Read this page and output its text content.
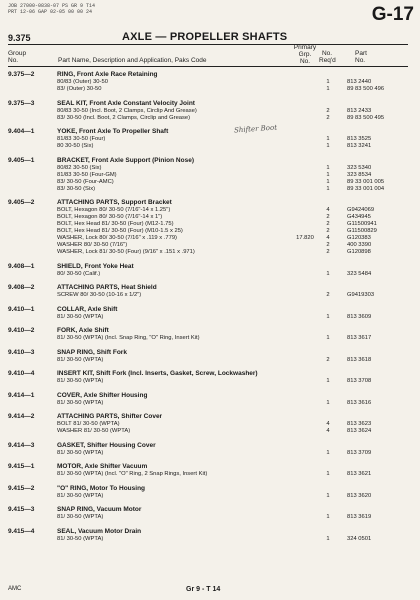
JOB 27000-0838-07 PS GR 9 T14
PRT 12-06 GAP 02-05 00 00 24	G-17
9.375	AXLE — PROPELLER SHAFTS
Group
No.	Part Name, Description and Application, Paks Code
Primary
Grp.
No.
No.
Req'd
Part
No.
9.375—2	RING, Front Axle Race Retaining
80/83 (Outer) 30-50	1	813 2440
83/ (Outer) 30-50	1	89 83 500 496
9.375—3	SEAL KIT, Front Axle Constant Velocity Joint
80/83 30-50 (Incl. Boot, 2 Clamps, Circlip And Grease)	2	813 2433
83/ 30-50 (Incl. Boot, 2 Clamps, Circlip and Grease)	2	89 83 500 495
9.404—1	YOKE, Front Axle To Propeller Shaft
81/83 30-50 (Four)	1	813 3525
80 30-50 (Six)	1	813 3241
9.405—1	BRACKET, Front Axle Support (Pinion Nose)
80/82 30-50 (Six)	1	323 5340
81/83 30-50 (Four-GM)	1	323 8534
83/ 30-50 (Four-AMC)	1	89 33 001 005
83/ 30-50 (Six)	1	89 33 001 004
9.405—2	ATTACHING PARTS, Support Bracket
BOLT, Hexagon 80/ 30-50 (7/16"-14 x 1.25")	4	G9424069
BOLT, Hexagon 80/ 30-50 (7/16"-14 x 1")	2	G434945
BOLT, Hex Head 81/ 30-50 (Four) (M12-1.75)	2	G11500941
BOLT, Hex Head 81/ 30-50 (Four) (M10-1.5 x 25)	2	G11500829
WASHER, Lock 80/ 30-50 (7/16" x .119 x .779)	17.820	4	G120383
WASHER 80/ 30-50 (7/16")	2	400 3390
WASHER, Lock 81/ 30-50 (Four) (9/16" x .151 x .971)	2	G120898
9.408—1	SHIELD, Front Yoke Heat
80/ 30-50 (Calif.)	1	323 5484
9.408—2	ATTACHING PARTS, Heat Shield
SCREW 80/ 30-50 (10-16 x 1/2")	2	G9419303
9.410—1	COLLAR, Axle Shift
81/ 30-50 (WPTA)	1	813 3609
9.410—2	FORK, Axle Shift
81/ 30-50 (WPTA) (Incl. Snap Ring, "O" Ring, Insert Kit)	1	813 3617
9.410—3	SNAP RING, Shift Fork
81/ 30-50 (WPTA)	2	813 3618
9.410—4	INSERT KIT, Shift Fork (Incl. Inserts, Gasket, Screw, Lockwasher)
81/ 30-50 (WPTA)	1	813 3708
9.414—1	COVER, Axle Shifter Housing
81/ 30-50 (WPTA)	1	813 3616
9.414—2	ATTACHING PARTS, Shifter Cover
BOLT 81/ 30-50 (WPTA)	4	813 3623
WASHER 81/ 30-50 (WPTA)	4	813 3624
9.414—3	GASKET, Shifter Housing Cover
81/ 30-50 (WPTA)	1	813 3709
9.415—1	MOTOR, Axle Shifter Vacuum
81/ 30-50 (WPTA) (Incl. "O" Ring, 2 Snap Rings, Insert Kit)	1	813 3621
9.415—2	"O" RING, Motor To Housing
81/ 30-50 (WPTA)	1	813 3620
9.415—3	SNAP RING, Vacuum Motor
81/ 30-50 (WPTA)	1	813 3619
9.415—4	SEAL, Vacuum Motor Drain
81/ 30-50 (WPTA)	1	324 0501
Shifter Boot
AMC	Gr 9 - T 14
